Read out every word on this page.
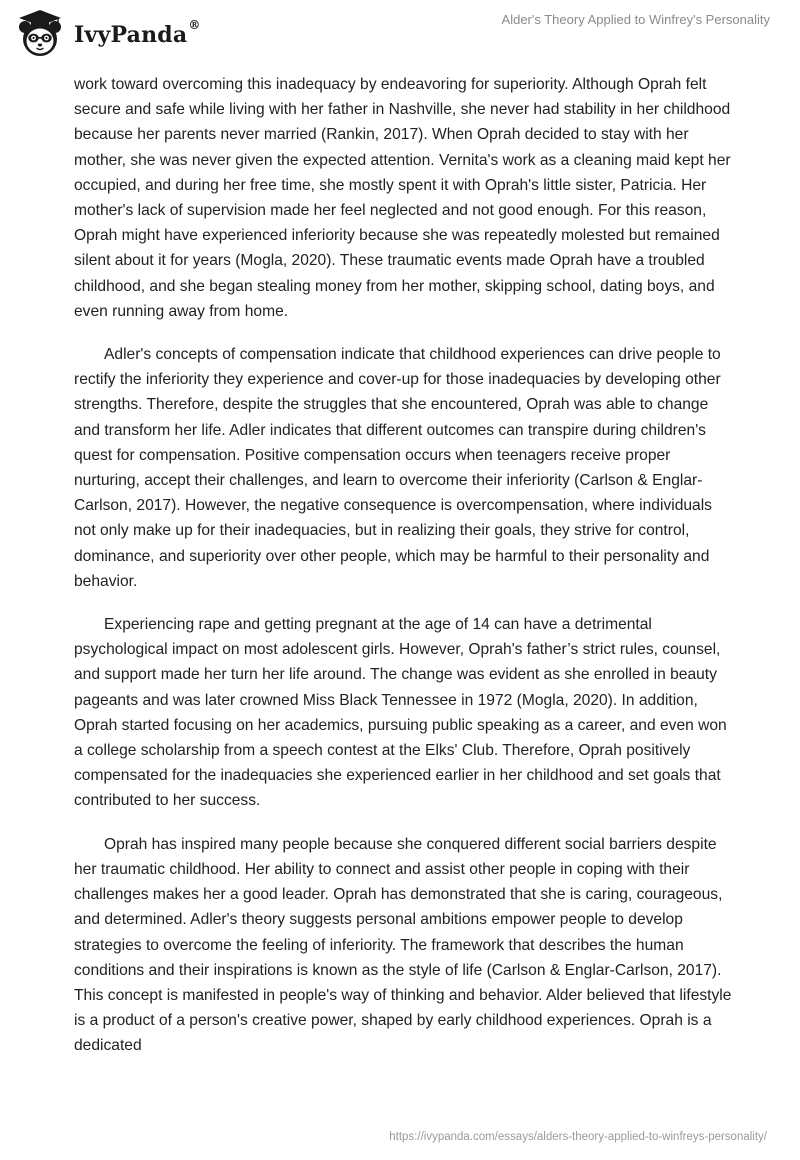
IvyPanda®	Alder's Theory Applied to Winfrey's Personality

work toward overcoming this inadequacy by endeavoring for superiority. Although Oprah felt secure and safe while living with her father in Nashville, she never had stability in her childhood because her parents never married (Rankin, 2017). When Oprah decided to stay with her mother, she was never given the expected attention. Vernita's work as a cleaning maid kept her occupied, and during her free time, she mostly spent it with Oprah's little sister, Patricia. Her mother's lack of supervision made her feel neglected and not good enough. For this reason, Oprah might have experienced inferiority because she was repeatedly molested but remained silent about it for years (Mogla, 2020). These traumatic events made Oprah have a troubled childhood, and she began stealing money from her mother, skipping school, dating boys, and even running away from home.

Adler's concepts of compensation indicate that childhood experiences can drive people to rectify the inferiority they experience and cover-up for those inadequacies by developing other strengths. Therefore, despite the struggles that she encountered, Oprah was able to change and transform her life. Adler indicates that different outcomes can transpire during children's quest for compensation. Positive compensation occurs when teenagers receive proper nurturing, accept their challenges, and learn to overcome their inferiority (Carlson & Englar-Carlson, 2017). However, the negative consequence is overcompensation, where individuals not only make up for their inadequacies, but in realizing their goals, they strive for control, dominance, and superiority over other people, which may be harmful to their personality and behavior.

Experiencing rape and getting pregnant at the age of 14 can have a detrimental psychological impact on most adolescent girls. However, Oprah's father’s strict rules, counsel, and support made her turn her life around. The change was evident as she enrolled in beauty pageants and was later crowned Miss Black Tennessee in 1972 (Mogla, 2020). In addition, Oprah started focusing on her academics, pursuing public speaking as a career, and even won a college scholarship from a speech contest at the Elks' Club. Therefore, Oprah positively compensated for the inadequacies she experienced earlier in her childhood and set goals that contributed to her success.

Oprah has inspired many people because she conquered different social barriers despite her traumatic childhood. Her ability to connect and assist other people in coping with their challenges makes her a good leader. Oprah has demonstrated that she is caring, courageous, and determined. Adler's theory suggests personal ambitions empower people to develop strategies to overcome the feeling of inferiority. The framework that describes the human conditions and their inspirations is known as the style of life (Carlson & Englar-Carlson, 2017). This concept is manifested in people's way of thinking and behavior. Alder believed that lifestyle is a product of a person's creative power, shaped by early childhood experiences. Oprah is a dedicated

https://ivypanda.com/essays/alders-theory-applied-to-winfreys-personality/
